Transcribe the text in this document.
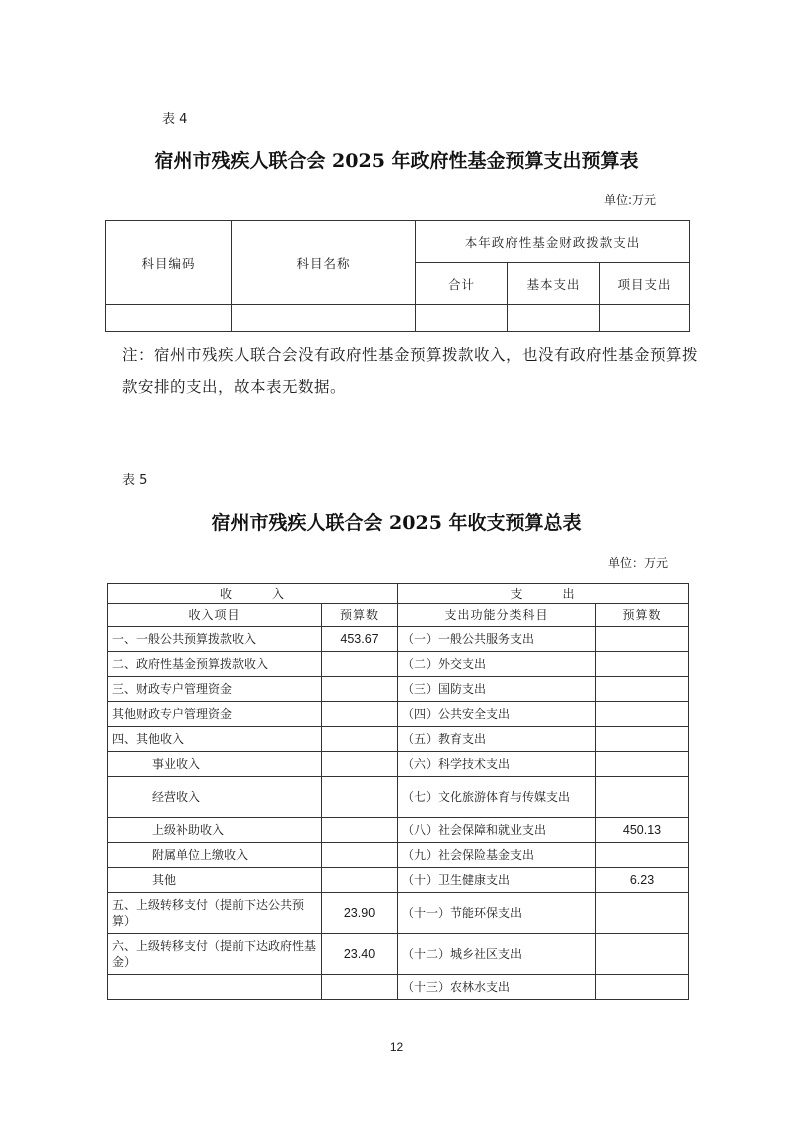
表 4
宿州市残疾人联合会 2025 年政府性基金预算支出预算表
单位:万元
科目编码	科目名称	本年政府性基金财政拨款支出		
		合计	基本支出	项目支出

注：宿州市残疾人联合会没有政府性基金预算拨款收入，也没有政府性基金预算拨款安排的支出，故本表无数据。
表 5
宿州市残疾人联合会 2025 年收支预算总表
单位：万元
收　　　入		支　　　出	
收入项目	预算数	支出功能分类科目	预算数
一、一般公共预算拨款收入	453.67	（一）一般公共服务支出	
二、政府性基金预算拨款收入		（二）外交支出	
三、财政专户管理资金		（三）国防支出	
其他财政专户管理资金		（四）公共安全支出	
四、其他收入		（五）教育支出	
事业收入		（六）科学技术支出	
经营收入		（七）文化旅游体育与传媒支出	
上级补助收入		（八）社会保障和就业支出	450.13
附属单位上缴收入		（九）社会保险基金支出	
其他		（十）卫生健康支出	6.23
五、上级转移支付（提前下达公共预算）	23.90	（十一）节能环保支出	
六、上级转移支付（提前下达政府性基金）	23.40	（十二）城乡社区支出	
		（十三）农林水支出	
12
